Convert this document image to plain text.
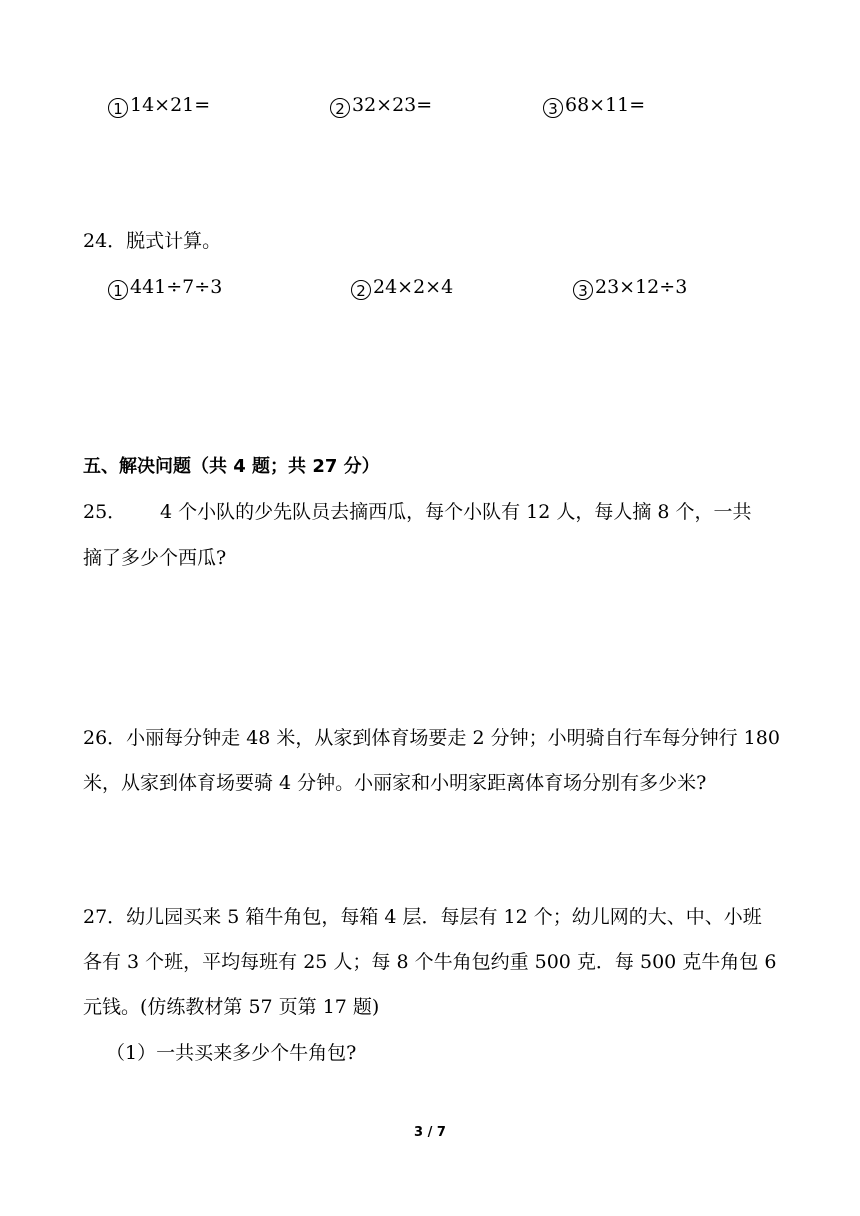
1 14×21=	2 32×23=	3 68×11=
24．脱式计算。
1 441÷7÷3	2 24×2×4	3 23×12÷3
五、解决问题（共 4 题；共 27 分）
25． 4 个小队的少先队员去摘西瓜，每个小队有 12 人，每人摘 8 个，一共
摘了多少个西瓜?
26．小丽每分钟走 48 米，从家到体育场要走 2 分钟；小明骑自行车每分钟行 180
米，从家到体育场要骑 4 分钟。小丽家和小明家距离体育场分别有多少米?
27．幼儿园买来 5 箱牛角包，每箱 4 层．每层有 12 个；幼儿网的大、中、小班
各有 3 个班，平均每班有 25 人；每 8 个牛角包约重 500 克．每 500 克牛角包 6
元钱。(仿练教材第 57 页第 17 题)
（1）一共买来多少个牛角包?
3 / 7
